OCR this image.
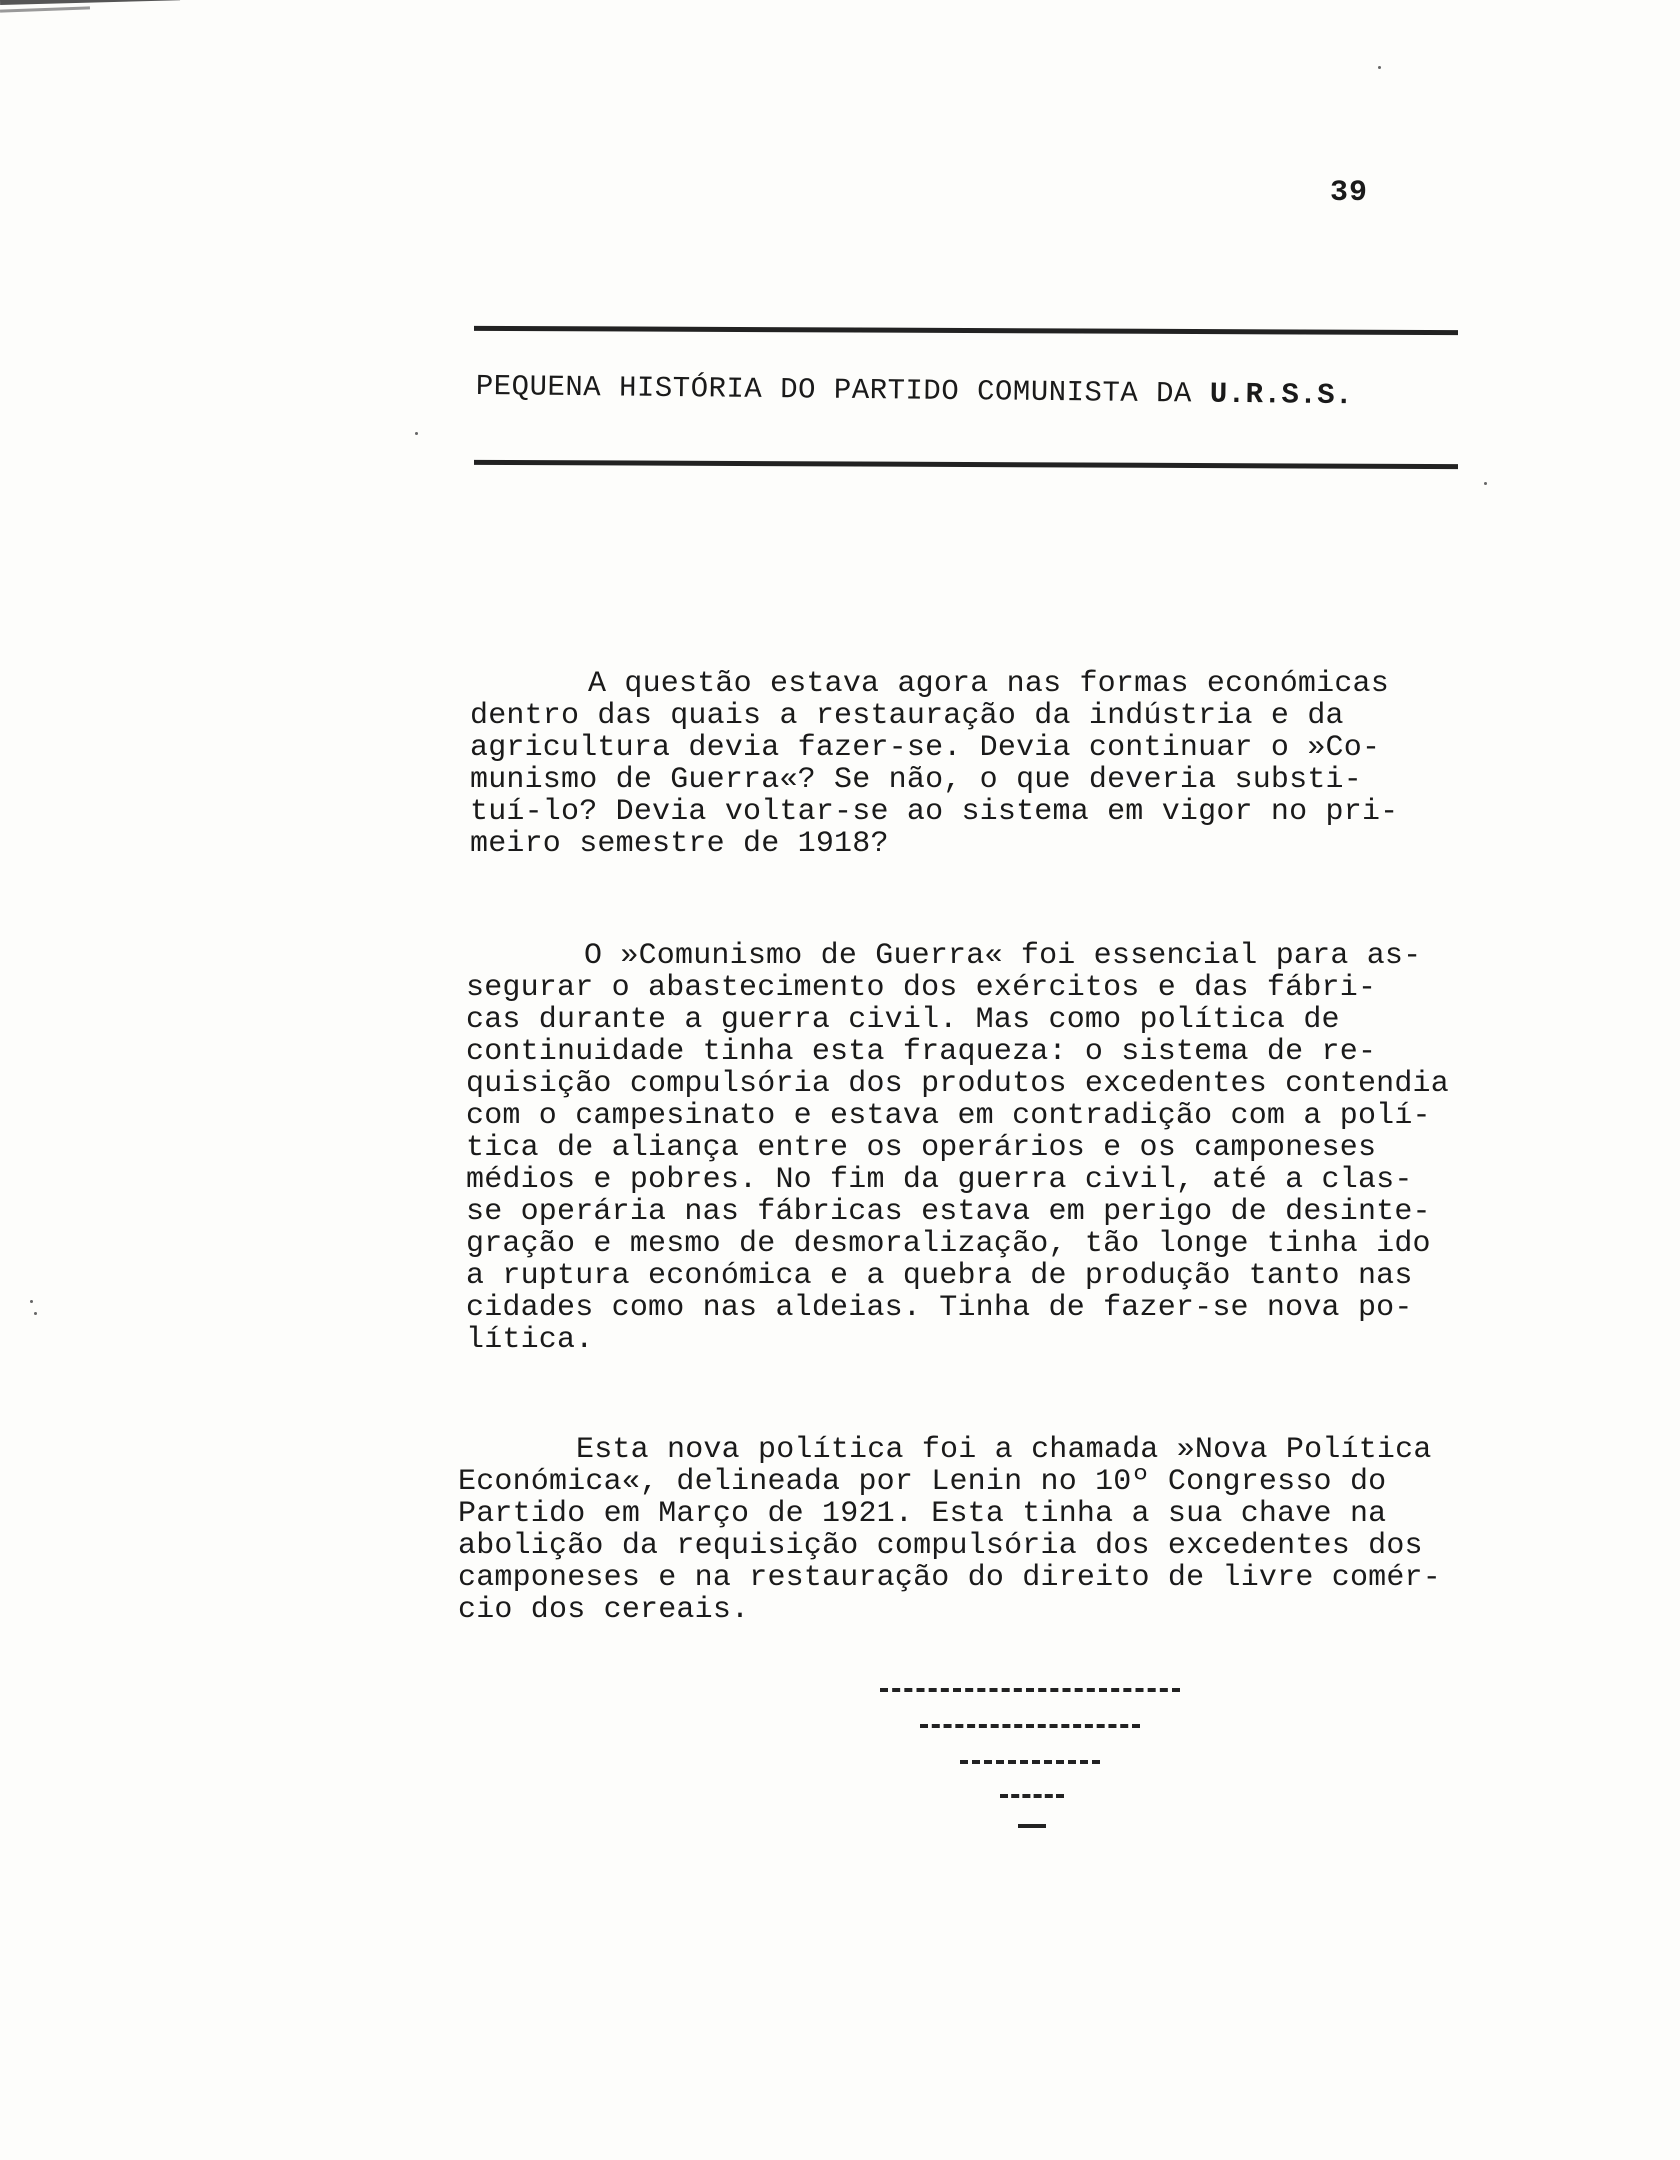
39
PEQUENA HISTÓRIA DO PARTIDO COMUNISTA DA U.R.S.S.
A questão estava agora nas formas económicas
dentro das quais a restauração da indústria e da
agricultura devia fazer-se. Devia continuar o »Co-
munismo de Guerra«? Se não, o que deveria substi-
tuí-lo? Devia voltar-se ao sistema em vigor no pri-
meiro semestre de 1918?
O »Comunismo de Guerra« foi essencial para as-
segurar o abastecimento dos exércitos e das fábri-
cas durante a guerra civil. Mas como política de
continuidade tinha esta fraqueza: o sistema de re-
quisição compulsória dos produtos excedentes contendia
com o campesinato e estava em contradição com a polí-
tica de aliança entre os operários e os camponeses
médios e pobres. No fim da guerra civil, até a clas-
se operária nas fábricas estava em perigo de desinte-
gração e mesmo de desmoralização, tão longe tinha ido
a ruptura económica e a quebra de produção tanto nas
cidades como nas aldeias. Tinha de fazer-se nova po-
lítica.
Esta nova política foi a chamada »Nova Política
Económica«, delineada por Lenin no 10º Congresso do
Partido em Março de 1921. Esta tinha a sua chave na
abolição da requisição compulsória dos excedentes dos
camponeses e na restauração do direito de livre comér-
cio dos cereais.
